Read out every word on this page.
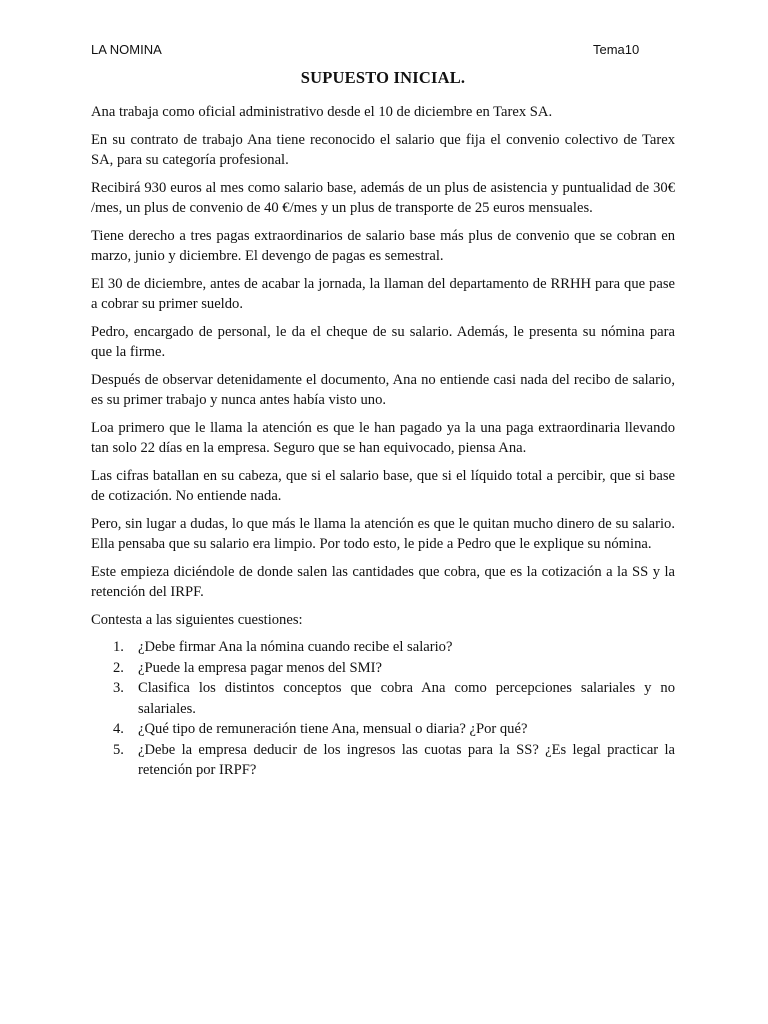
LA NOMINA	Tema10
SUPUESTO INICIAL.

Ana trabaja como oficial administrativo desde el 10 de diciembre en Tarex SA.

En su contrato de trabajo Ana tiene reconocido el salario que fija el convenio colectivo de Tarex SA, para su categoría profesional.

Recibirá 930 euros al mes como salario base, además de un plus de asistencia y puntualidad de 30€ /mes, un plus de convenio de 40 €/mes y un plus de transporte de 25 euros mensuales.

Tiene derecho a tres pagas extraordinarios de salario base más plus de convenio que se cobran en marzo, junio y diciembre. El devengo de pagas es semestral.

El 30 de diciembre, antes de acabar la jornada, la llaman del departamento de RRHH para que pase a cobrar su primer sueldo.

Pedro, encargado de personal, le da el cheque de su salario. Además, le presenta su nómina para que la firme.

Después de observar detenidamente el documento, Ana no entiende casi nada del recibo de salario, es su primer trabajo y nunca antes había visto uno.

Loa primero que le llama la atención es que le han pagado ya la una paga extraordinaria llevando tan solo 22 días en la empresa. Seguro que se han equivocado, piensa Ana.

Las cifras batallan en su cabeza, que si el salario base, que si el líquido total a percibir, que si base de cotización. No entiende nada.

Pero, sin lugar a dudas, lo que más le llama la atención es que le quitan mucho dinero de su salario. Ella pensaba que su salario era limpio. Por todo esto, le pide a Pedro que le explique su nómina.

Este empieza diciéndole de donde salen las cantidades que cobra, que es la cotización a la SS y la retención del IRPF.

Contesta a las siguientes cuestiones:

1. ¿Debe firmar Ana la nómina cuando recibe el salario?
2. ¿Puede la empresa pagar menos del SMI?
3. Clasifica los distintos conceptos que cobra Ana como percepciones salariales y no salariales.
4. ¿Qué tipo de remuneración tiene Ana, mensual o diaria? ¿Por qué?
5. ¿Debe la empresa deducir de los ingresos las cuotas para la SS? ¿Es legal practicar la retención por IRPF?
